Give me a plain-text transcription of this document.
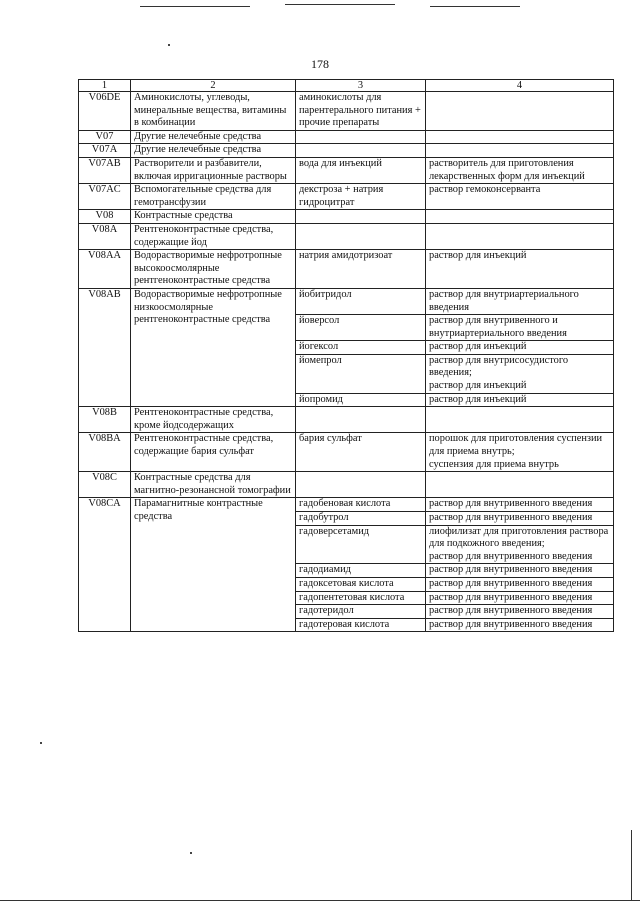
178
1	2	3	4
V06DE	Аминокислоты, углеводы, минеральные вещества, витамины в комбинации	аминокислоты для парентерального питания + прочие препараты	
V07	Другие нелечебные средства		
V07A	Другие нелечебные средства		
V07AB	Растворители и разбавители, включая ирригационные растворы	вода для инъекций	растворитель для приготовления лекарственных форм для инъекций
V07AC	Вспомогательные средства для гемотрансфузии	декстроза + натрия гидроцитрат	раствор гемоконсерванта
V08	Контрастные средства		
V08A	Рентгеноконтрастные средства, содержащие йод		
V08AA	Водорастворимые нефротропные высокоосмолярные рентгеноконтрастные средства	натрия амидотризоат	раствор для инъекций
V08AB	Водорастворимые нефротропные низкоосмолярные рентгеноконтрастные средства	йобитридол	раствор для внутриартериального введения
		йоверсол	раствор для внутривенного и внутриартериального введения
		йогексол	раствор для инъекций
		йомепрол	раствор для внутрисосудистого введения;
раствор для инъекций
		йопромид	раствор для инъекций
V08B	Рентгеноконтрастные средства, кроме йодсодержащих		
V08BA	Рентгеноконтрастные средства, содержащие бария сульфат	бария сульфат	порошок для приготовления суспензии для приема внутрь;
суспензия для приема внутрь
V08C	Контрастные средства для магнитно-резонансной томографии		
V08CA	Парамагнитные контрастные средства	гадобеновая кислота	раствор для внутривенного введения
		гадобутрол	раствор для внутривенного введения
		гадоверсетамид	лиофилизат для приготовления раствора для подкожного введения;
раствор для внутривенного введения
		гадодиамид	раствор для внутривенного введения
		гадоксетовая кислота	раствор для внутривенного введения
		гадопентетовая кислота	раствор для внутривенного введения
		гадотеридол	раствор для внутривенного введения
		гадотеровая кислота	раствор для внутривенного введения
